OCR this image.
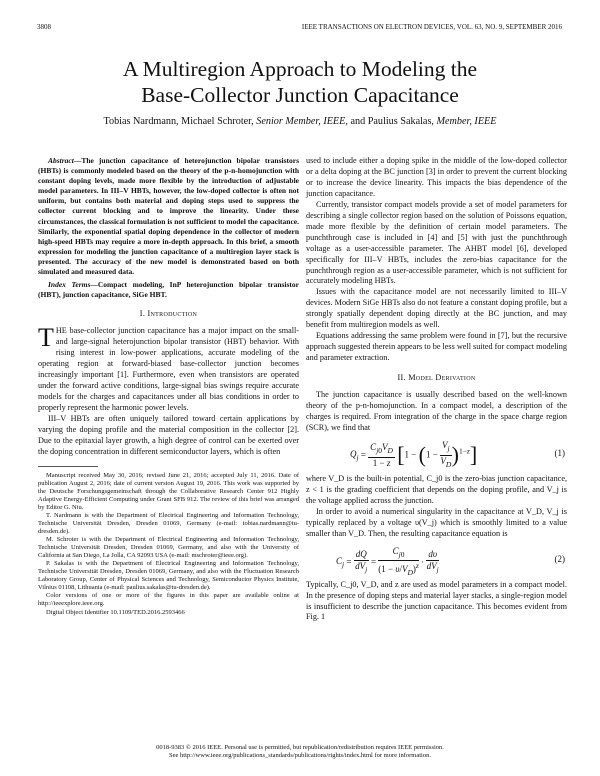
3808	IEEE TRANSACTIONS ON ELECTRON DEVICES, VOL. 63, NO. 9, SEPTEMBER 2016
A Multiregion Approach to Modeling the
Base-Collector Junction Capacitance
Tobias Nardmann, Michael Schroter, Senior Member, IEEE, and Paulius Sakalas, Member, IEEE

Abstract—The junction capacitance of heterojunction bipolar transistors (HBTs) is commonly modeled based on the theory of the p-n-homojunction with constant doping levels, made more flexible by the introduction of adjustable model parameters. In III–V HBTs, however, the low-doped collector is often not uniform, but contains both material and doping steps used to suppress the collector current blocking and to improve the linearity. Under these circumstances, the classical formulation is not sufficient to model the capacitance. Similarly, the exponential spatial doping dependence in the collector of modern high-speed HBTs may require a more in-depth approach. In this brief, a smooth expression for modeling the junction capacitance of a multiregion layer stack is presented. The accuracy of the new model is demonstrated based on both simulated and measured data.

Index Terms—Compact modeling, InP heterojunction bipolar transistor (HBT), junction capacitance, SiGe HBT.

I. Introduction

THE base-collector junction capacitance has a major impact on the small- and large-signal heterojunction bipolar transistor (HBT) behavior. With rising interest in low-power applications, accurate modeling of the operating region at forward-biased base-collector junction becomes increasingly important [1]. Furthermore, even when transistors are operated under the forward active conditions, large-signal bias swings require accurate models for the charges and capacitances under all bias conditions in order to properly represent the harmonic power levels.

III–V HBTs are often uniquely tailored toward certain applications by varying the doping profile and the material composition in the collector [2]. Due to the epitaxial layer growth, a high degree of control can be exerted over the doping concentration in different semiconductor layers, which is often

Manuscript received May 30, 2016; revised June 21, 2016; accepted July 11, 2016. Date of publication August 2, 2016; date of current version August 19, 2016. This work was supported by the Deutsche Forschungsgemeinschaft through the Collaborative Research Center 912 Highly Adaptive Energy-Efficient Computing under Grant SFB 912. The review of this brief was arranged by Editor G. Niu.

T. Nardmann is with the Department of Electrical Engineering and Information Technology, Technische Universität Dresden, Dresden 01069, Germany (e-mail: tobias.nardmann@tu-dresden.de).

M. Schroter is with the Department of Electrical Engineering and Information Technology, Technische Universität Dresden, Dresden 01069, Germany, and also with the University of California at San Diego, La Jolla, CA 92093 USA (e-mail: mschroter@ieee.org).

P. Sakalas is with the Department of Electrical Engineering and Information Technology, Technische Universität Dresden, Dresden 01069, Germany, and also with the Fluctuation Research Laboratory Group, Center of Physical Sciences and Technology, Semiconductor Physics Institute, Vilnius 01108, Lithuania (e-mail: paulius.sakalas@tu-dresden.de).

Color versions of one or more of the figures in this paper are available online at http://ieeexplore.ieee.org.

Digital Object Identifier 10.1109/TED.2016.2593466

used to include either a doping spike in the middle of the low-doped collector or a delta doping at the BC junction [3] in order to prevent the current blocking or to increase the device linearity. This impacts the bias dependence of the junction capacitance.

Currently, transistor compact models provide a set of model parameters for describing a single collector region based on the solution of Poissons equation, made more flexible by the definition of certain model parameters. The punchthrough case is included in [4] and [5] with just the punchthrough voltage as a user-accessible parameter. The AHBT model [6], developed specifically for III–V HBTs, includes the zero-bias capacitance for the punchthrough region as a user-accessible parameter, which is not sufficient for accurately modeling HBTs.

Issues with the capacitance model are not necessarily limited to III–V devices. Modern SiGe HBTs also do not feature a constant doping profile, but a strongly spatially dependent doping directly at the BC junction, and may benefit from multiregion models as well.

Equations addressing the same problem were found in [7], but the recursive approach suggested therein appears to be less well suited for compact modeling and parameter extraction.

II. Model Derivation

The junction capacitance is usually described based on the well-known theory of the p-n-homojunction. In a compact model, a description of the charges is required. From integration of the charge in the space charge region (SCR), we find that

$Q_j = \frac{C_{j0}V_D}{1 - z} [1 - (1 - \frac{V_j}{V_D} )^{1-z}]$	(1)

where V_D is the built-in potential, C_j0 is the zero-bias junction capacitance, z < 1 is the grading coefficient that depends on the doping profile, and V_j is the voltage applied across the junction.

In order to avoid a numerical singularity in the capacitance at V_D, V_j is typically replaced by a voltage υ(V_j) which is smoothly limited to a value smaller than V_D. Then, the resulting capacitance equation is

$C_j = \frac{dQ}{dV_j} = \frac{C_{j0}}{(1 - \upsilon/V_D)^z} \cdot \frac{d\upsilon}{dV_j}$	(2)

Typically, C_j0, V_D, and z are used as model parameters in a compact model. In the presence of doping steps and material layer stacks, a single-region model is insufficient to describe the junction capacitance. This becomes evident from Fig. 1

0018-9383 © 2016 IEEE. Personal use is permitted, but republication/redistribution requires IEEE permission.
See http://www.ieee.org/publications_standards/publications/rights/index.html for more information.
